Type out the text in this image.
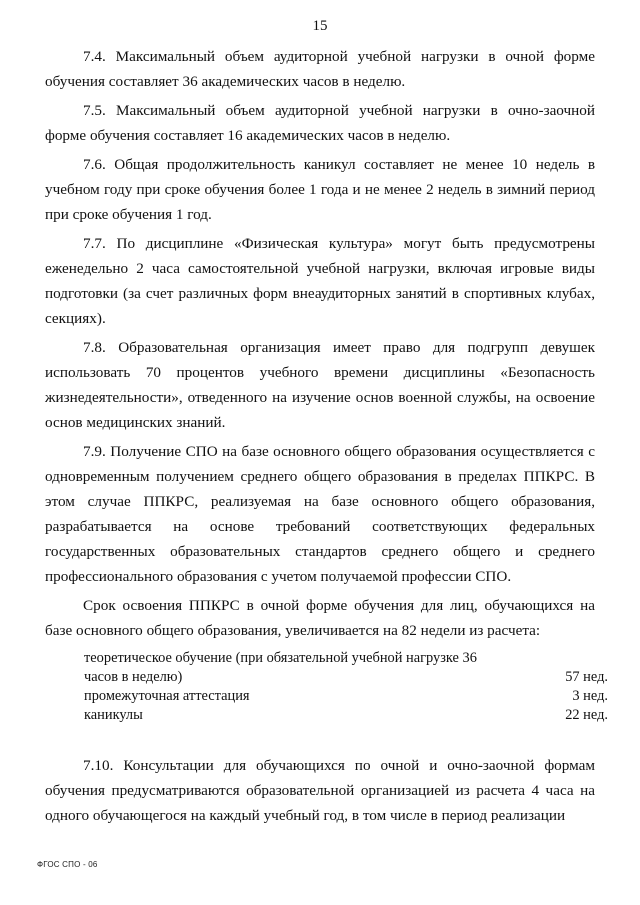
15

7.4. Максимальный объем аудиторной учебной нагрузки в очной форме обучения составляет 36 академических часов в неделю.

7.5. Максимальный объем аудиторной учебной нагрузки в очно-заочной форме обучения составляет 16 академических часов в неделю.

7.6. Общая продолжительность каникул составляет не менее 10 недель в учебном году при сроке обучения более 1 года и не менее 2 недель в зимний период при сроке обучения 1 год.

7.7. По дисциплине «Физическая культура» могут быть предусмотрены еженедельно 2 часа самостоятельной учебной нагрузки, включая игровые виды подготовки (за счет различных форм внеаудиторных занятий в спортивных клубах, секциях).

7.8. Образовательная организация имеет право для подгрупп девушек использовать 70 процентов учебного времени дисциплины «Безопасность жизнедеятельности», отведенного на изучение основ военной службы, на освоение основ медицинских знаний.

7.9. Получение СПО на базе основного общего образования осуществляется с одновременным получением среднего общего образования в пределах ППКРС. В этом случае ППКРС, реализуемая на базе основного общего образования, разрабатывается на основе требований соответствующих федеральных государственных образовательных стандартов среднего общего и среднего профессионального образования с учетом получаемой профессии СПО.

Срок освоения ППКРС в очной форме обучения для лиц, обучающихся на базе основного общего образования, увеличивается на 82 недели из расчета:

теоретическое обучение (при обязательной учебной нагрузке 36 часов в неделю)	57 нед.
промежуточная аттестация	3 нед.
каникулы	22 нед.

7.10. Консультации для обучающихся по очной и очно-заочной формам обучения предусматриваются образовательной организацией из расчета 4 часа на одного обучающегося на каждый учебный год, в том числе в период реализации

ФГОС СПО - 06
